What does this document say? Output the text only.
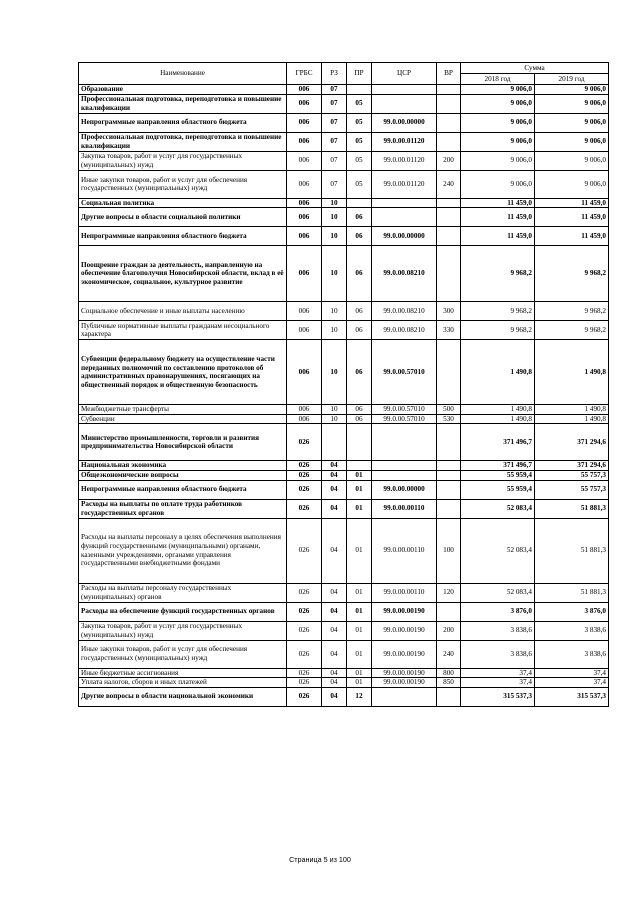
Наименование	ГРБС	РЗ	ПР	ЦСР	ВР	Сумма	
						2018 год	2019 год
Образование	006	07				9 006,0	9 006,0
Профессиональная подготовка, переподготовка и повышение квалификации	006	07	05			9 006,0	9 006,0
Непрограммные направления областного бюджета	006	07	05	99.0.00.00000		9 006,0	9 006,0
Профессиональная подготовка, переподготовка и повышение квалификации	006	07	05	99.0.00.01120		9 006,0	9 006,0
Закупка товаров, работ и услуг для государственных (муниципальных) нужд	006	07	05	99.0.00.01120	200	9 006,0	9 006,0
Иные закупки товаров, работ и услуг для обеспечения государственных (муниципальных) нужд	006	07	05	99.0.00.01120	240	9 006,0	9 006,0
Социальная политика	006	10				11 459,0	11 459,0
Другие вопросы в области социальной политики	006	10	06			11 459,0	11 459,0
Непрограммные направления областного бюджета	006	10	06	99.0.00.00000		11 459,0	11 459,0
Поощрение граждан за деятельность, направленную на обеспечение благополучия Новосибирской области, вклад в её экономическое, социальное, культурное развитие	006	10	06	99.0.00.08210		9 968,2	9 968,2
Социальное обеспечение и иные выплаты населению	006	10	06	99.0.00.08210	300	9 968,2	9 968,2
Публичные нормативные выплаты гражданам несоциального характера	006	10	06	99.0.00.08210	330	9 968,2	9 968,2
Субвенции федеральному бюджету на осуществление части переданных полномочий по составлению протоколов об административных правонарушениях, посягающих на общественный порядок и общественную безопасность	006	10	06	99.0.00.57010		1 490,8	1 490,8
Межбюджетные трансферты	006	10	06	99.0.00.57010	500	1 490,8	1 490,8
Субвенции	006	10	06	99.0.00.57010	530	1 490,8	1 490,8
Министерство промышленности, торговли и развития предпринимательства Новосибирской области	026					371 496,7	371 294,6
Национальная экономика	026	04				371 496,7	371 294,6
Общеэкономические вопросы	026	04	01			55 959,4	55 757,3
Непрограммные направления областного бюджета	026	04	01	99.0.00.00000		55 959,4	55 757,3
Расходы на выплаты по оплате труда работников государственных органов	026	04	01	99.0.00.00110		52 083,4	51 881,3
Расходы на выплаты персоналу в целях обеспечения выполнения функций государственными (муниципальными) органами, казенными учреждениями, органами управления государственными внебюджетными фондами	026	04	01	99.0.00.00110	100	52 083,4	51 881,3
Расходы на выплаты персоналу государственных (муниципальных) органов	026	04	01	99.0.00.00110	120	52 083,4	51 881,3
Расходы на обеспечение функций государственных органов	026	04	01	99.0.00.00190		3 876,0	3 876,0
Закупка товаров, работ и услуг для государственных (муниципальных) нужд	026	04	01	99.0.00.00190	200	3 838,6	3 838,6
Иные закупки товаров, работ и услуг для обеспечения государственных (муниципальных) нужд	026	04	01	99.0.00.00190	240	3 838,6	3 838,6
Иные бюджетные ассигнования	026	04	01	99.0.00.00190	800	37,4	37,4
Уплата налогов, сборов и иных платежей	026	04	01	99.0.00.00190	850	37,4	37,4
Другие вопросы в области национальной экономики	026	04	12			315 537,3	315 537,3
Страница 5 из 100
